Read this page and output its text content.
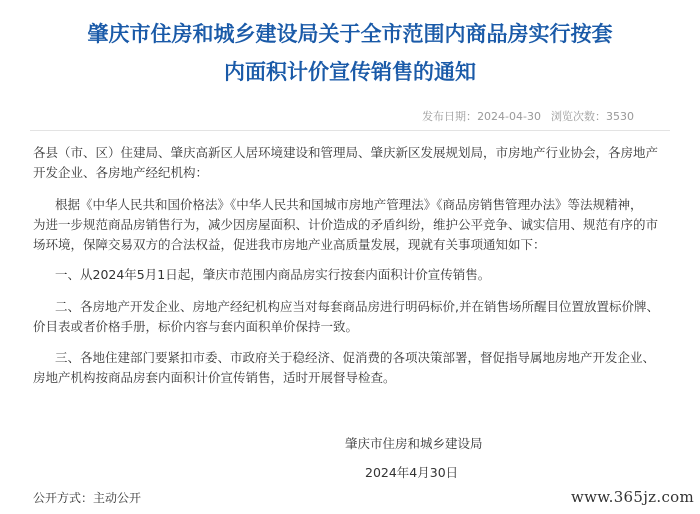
肇庆市住房和城乡建设局关于全市范围内商品房实行按套
内面积计价宣传销售的通知
发布日期：2024-04-30 浏览次数：3530
各县（市、区）住建局、肇庆高新区人居环境建设和管理局、肇庆新区发展规划局，市房地产行业协会，各房地产
开发企业、各房地产经纪机构：
根据《中华人民共和国价格法》《中华人民共和国城市房地产管理法》《商品房销售管理办法》等法规精神，
为进一步规范商品房销售行为，减少因房屋面积、计价造成的矛盾纠纷，维护公平竞争、诚实信用、规范有序的市
场环境，保障交易双方的合法权益，促进我市房地产业高质量发展，现就有关事项通知如下：
一、从2024年5月1日起，肇庆市范围内商品房实行按套内面积计价宣传销售。
二、各房地产开发企业、房地产经纪机构应当对每套商品房进行明码标价,并在销售场所醒目位置放置标价牌、
价目表或者价格手册，标价内容与套内面积单价保持一致。
三、各地住建部门要紧扣市委、市政府关于稳经济、促消费的各项决策部署，督促指导属地房地产开发企业、
房地产机构按商品房套内面积计价宣传销售，适时开展督导检查。

肇庆市住房和城乡建设局

2024年4月30日

公开方式：主动公开	www.365jz.com
